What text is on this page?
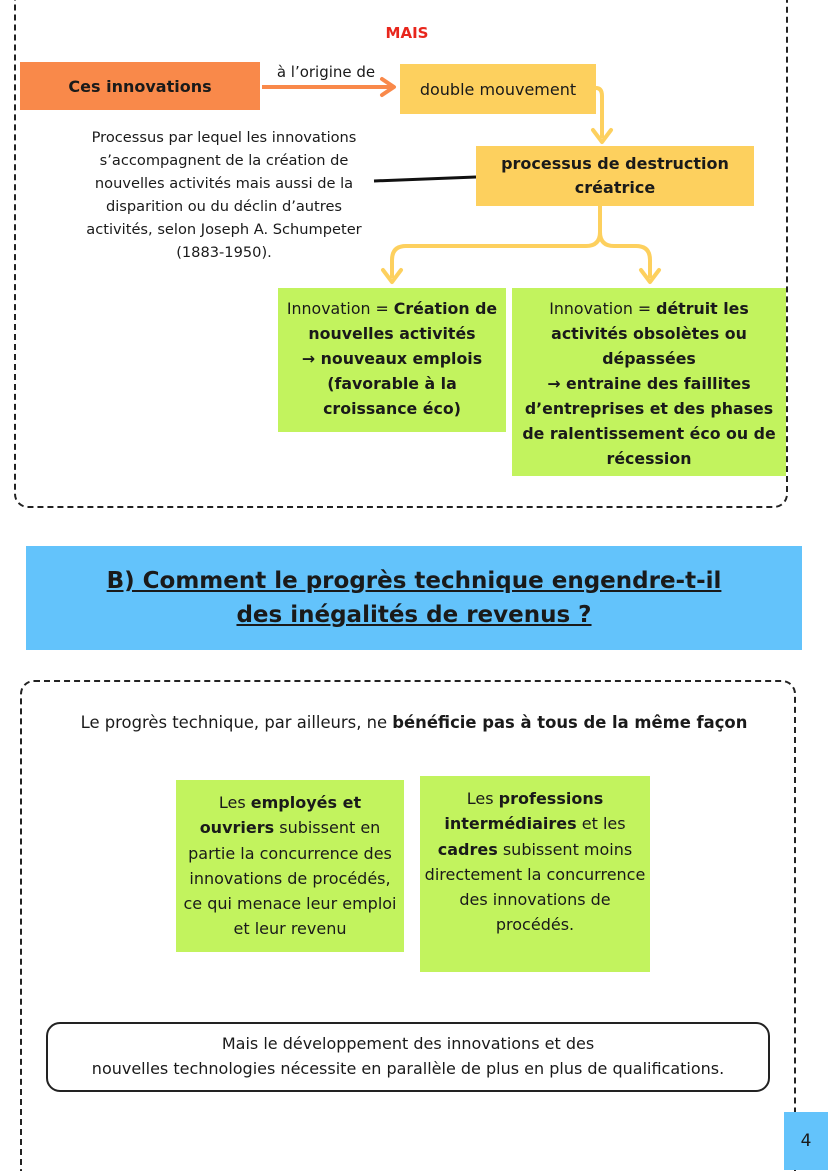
MAIS
Ces innovations
à l’origine de
double mouvement
processus de destruction
créatrice
Processus par lequel les innovations s’accompagnent de la création de nouvelles activités mais aussi de la disparition ou du déclin d’autres activités, selon Joseph A. Schumpeter (1883-1950).
Innovation = Création de nouvelles activités
→ nouveaux emplois
(favorable à la croissance éco)
Innovation = détruit les activités obsolètes ou dépassées
→ entraine des faillites d’entreprises et des phases de ralentissement éco ou de récession
B) Comment le progrès technique engendre-t-il
des inégalités de revenus ?
Le progrès technique, par ailleurs, ne bénéficie pas à tous de la même façon
Les employés et ouvriers subissent en partie la concurrence des innovations de procédés, ce qui menace leur emploi et leur revenu
Les professions intermédiaires et les cadres subissent moins directement la concurrence des innovations de procédés.
Mais le développement des innovations et des
nouvelles technologies nécessite en parallèle de plus en plus de qualifications.
4
